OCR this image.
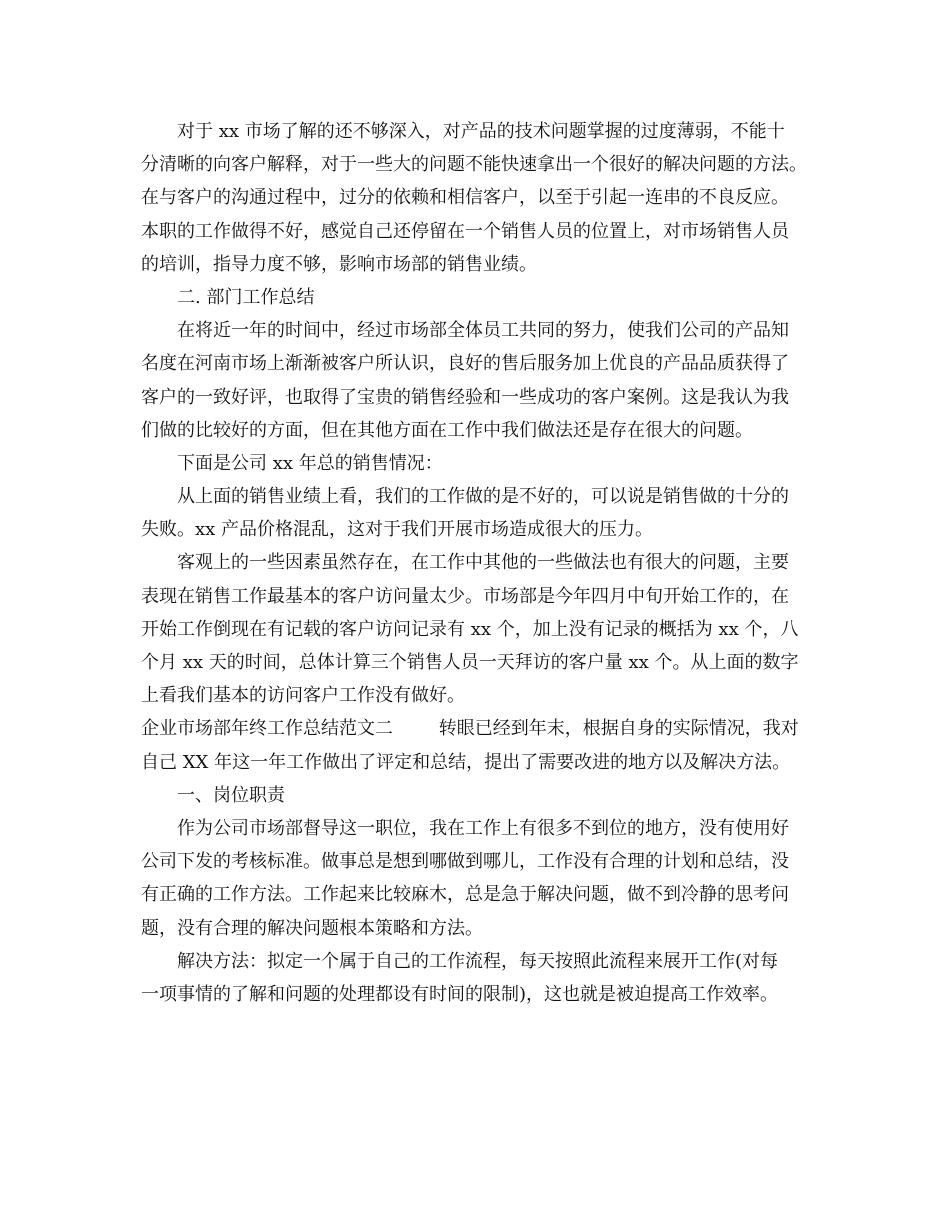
对于 xx 市场了解的还不够深入，对产品的技术问题掌握的过度薄弱，不能十

分清晰的向客户解释，对于一些大的问题不能快速拿出一个很好的解决问题的方法。

在与客户的沟通过程中，过分的依赖和相信客户，以至于引起一连串的不良反应。

本职的工作做得不好，感觉自己还停留在一个销售人员的位置上，对市场销售人员

的培训，指导力度不够，影响市场部的销售业绩。

二. 部门工作总结

在将近一年的时间中，经过市场部全体员工共同的努力，使我们公司的产品知

名度在河南市场上渐渐被客户所认识，良好的售后服务加上优良的产品品质获得了

客户的一致好评，也取得了宝贵的销售经验和一些成功的客户案例。这是我认为我

们做的比较好的方面，但在其他方面在工作中我们做法还是存在很大的问题。

下面是公司 xx 年总的销售情况：

从上面的销售业绩上看，我们的工作做的是不好的，可以说是销售做的十分的

失败。xx 产品价格混乱，这对于我们开展市场造成很大的压力。

客观上的一些因素虽然存在，在工作中其他的一些做法也有很大的问题，主要

表现在销售工作最基本的客户访问量太少。市场部是今年四月中旬开始工作的，在

开始工作倒现在有记载的客户访问记录有 xx 个，加上没有记录的概括为 xx 个，八

个月 xx 天的时间，总体计算三个销售人员一天拜访的客户量 xx 个。从上面的数字

上看我们基本的访问客户工作没有做好。

企业市场部年终工作总结范文二        转眼已经到年末，根据自身的实际情况，我对

自己 XX 年这一年工作做出了评定和总结，提出了需要改进的地方以及解决方法。

一、岗位职责

作为公司市场部督导这一职位，我在工作上有很多不到位的地方，没有使用好

公司下发的考核标准。做事总是想到哪做到哪儿，工作没有合理的计划和总结，没

有正确的工作方法。工作起来比较麻木，总是急于解决问题，做不到冷静的思考问

题，没有合理的解决问题根本策略和方法。

解决方法：拟定一个属于自己的工作流程，每天按照此流程来展开工作(对每

一项事情的了解和问题的处理都设有时间的限制)，这也就是被迫提高工作效率。
